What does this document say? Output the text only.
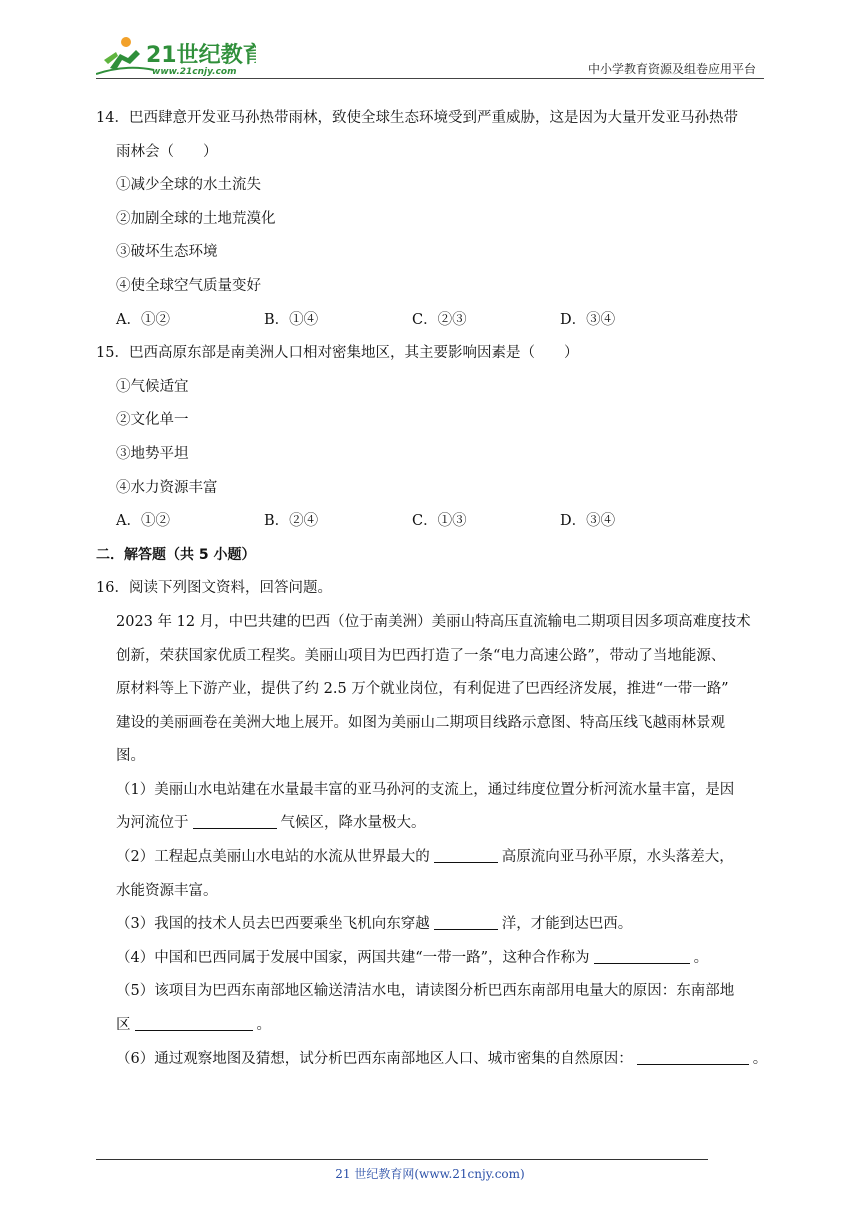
21世纪教育
www.21cnjy.com	中小学教育资源及组卷应用平台
14．巴西肆意开发亚马孙热带雨林，致使全球生态环境受到严重威胁，这是因为大量开发亚马孙热带
雨林会（　　）
①减少全球的水土流失
②加剧全球的土地荒漠化
③破坏生态环境
④使全球空气质量变好
A．①②	B．①④	C．②③	D．③④
15．巴西高原东部是南美洲人口相对密集地区，其主要影响因素是（　　）
①气候适宜
②文化单一
③地势平坦
④水力资源丰富
A．①②	B．②④	C．①③	D．③④
二．解答题（共 5 小题）
16．阅读下列图文资料，回答问题。
2023 年 12 月，中巴共建的巴西（位于南美洲）美丽山特高压直流输电二期项目因多项高难度技术
创新，荣获国家优质工程奖。美丽山项目为巴西打造了一条“电力高速公路”，带动了当地能源、
原材料等上下游产业，提供了约 2.5 万个就业岗位，有利促进了巴西经济发展，推进“一带一路”
建设的美丽画卷在美洲大地上展开。如图为美丽山二期项目线路示意图、特高压线飞越雨林景观
图。
（1）美丽山水电站建在水量最丰富的亚马孙河的支流上，通过纬度位置分析河流水量丰富，是因
为河流位于	气候区，降水量极大。
（2）工程起点美丽山水电站的水流从世界最大的	高原流向亚马孙平原，水头落差大，
水能资源丰富。
（3）我国的技术人员去巴西要乘坐飞机向东穿越	洋，才能到达巴西。
（4）中国和巴西同属于发展中国家，两国共建“一带一路”，这种合作称为	。
（5）该项目为巴西东南部地区输送清洁水电，请读图分析巴西东南部用电量大的原因：东南部地
区	。
（6）通过观察地图及猜想，试分析巴西东南部地区人口、城市密集的自然原因：	。
21 世纪教育网(www.21cnjy.com)
